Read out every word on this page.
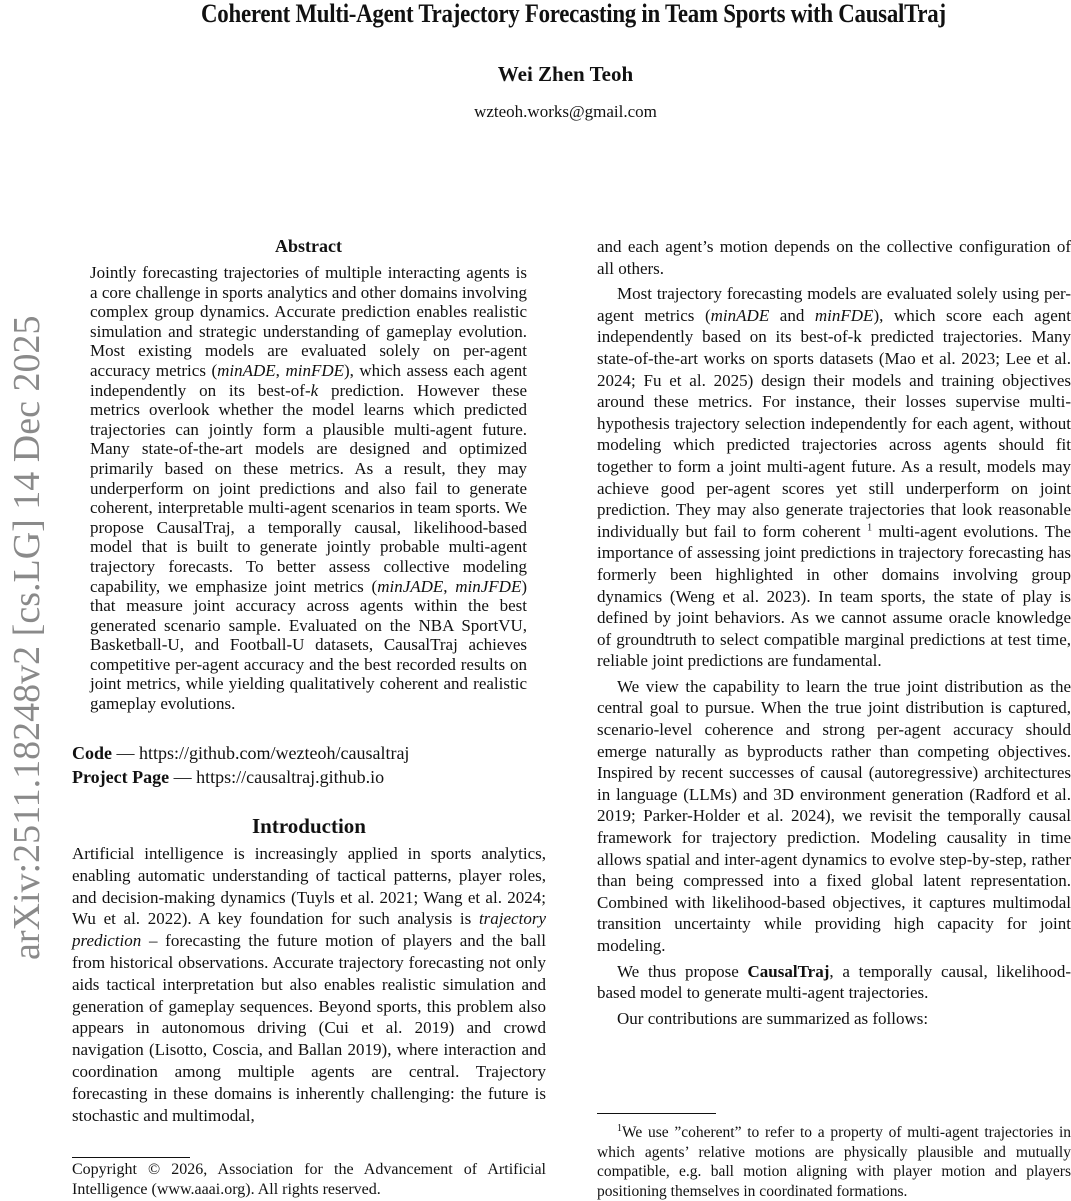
Coherent Multi-Agent Trajectory Forecasting in Team Sports with CausalTraj
Wei Zhen Teoh
wzteoh.works@gmail.com
arXiv:2511.18248v2 [cs.LG] 14 Dec 2025
Abstract

Jointly forecasting trajectories of multiple interacting agents is a core challenge in sports analytics and other domains involving complex group dynamics. Accurate prediction enables realistic simulation and strategic understanding of gameplay evolution. Most existing models are evaluated solely on per-agent accuracy metrics (minADE, minFDE), which assess each agent independently on its best-of-k prediction. However these metrics overlook whether the model learns which predicted trajectories can jointly form a plausible multi-agent future. Many state-of-the-art models are designed and optimized primarily based on these metrics. As a result, they may underperform on joint predictions and also fail to generate coherent, interpretable multi-agent scenarios in team sports. We propose CausalTraj, a temporally causal, likelihood-based model that is built to generate jointly probable multi-agent trajectory forecasts. To better assess collective modeling capability, we emphasize joint metrics (minJADE, minJFDE) that measure joint accuracy across agents within the best generated scenario sample. Evaluated on the NBA SportVU, Basketball-U, and Football-U datasets, CausalTraj achieves competitive per-agent accuracy and the best recorded results on joint metrics, while yielding qualitatively coherent and realistic gameplay evolutions.

Code — https://github.com/wezteoh/causaltraj
Project Page — https://causaltraj.github.io
Introduction

Artificial intelligence is increasingly applied in sports analytics, enabling automatic understanding of tactical patterns, player roles, and decision-making dynamics (Tuyls et al. 2021; Wang et al. 2024; Wu et al. 2022). A key foundation for such analysis is trajectory prediction – forecasting the future motion of players and the ball from historical observations. Accurate trajectory forecasting not only aids tactical interpretation but also enables realistic simulation and generation of gameplay sequences. Beyond sports, this problem also appears in autonomous driving (Cui et al. 2019) and crowd navigation (Lisotto, Coscia, and Ballan 2019), where interaction and coordination among multiple agents are central. Trajectory forecasting in these domains is inherently challenging: the future is stochastic and multimodal,

Copyright © 2026, Association for the Advancement of Artificial Intelligence (www.aaai.org). All rights reserved.

and each agent’s motion depends on the collective configuration of all others.

Most trajectory forecasting models are evaluated solely using per-agent metrics (minADE and minFDE), which score each agent independently based on its best-of-k predicted trajectories. Many state-of-the-art works on sports datasets (Mao et al. 2023; Lee et al. 2024; Fu et al. 2025) design their models and training objectives around these metrics. For instance, their losses supervise multi-hypothesis trajectory selection independently for each agent, without modeling which predicted trajectories across agents should fit together to form a joint multi-agent future. As a result, models may achieve good per-agent scores yet still underperform on joint prediction. They may also generate trajectories that look reasonable individually but fail to form coherent $^1$ multi-agent evolutions. The importance of assessing joint predictions in trajectory forecasting has formerly been highlighted in other domains involving group dynamics (Weng et al. 2023). In team sports, the state of play is defined by joint behaviors. As we cannot assume oracle knowledge of groundtruth to select compatible marginal predictions at test time, reliable joint predictions are fundamental.

We view the capability to learn the true joint distribution as the central goal to pursue. When the true joint distribution is captured, scenario-level coherence and strong per-agent accuracy should emerge naturally as byproducts rather than competing objectives. Inspired by recent successes of causal (autoregressive) architectures in language (LLMs) and 3D environment generation (Radford et al. 2019; Parker-Holder et al. 2024), we revisit the temporally causal framework for trajectory prediction. Modeling causality in time allows spatial and inter-agent dynamics to evolve step-by-step, rather than being compressed into a fixed global latent representation. Combined with likelihood-based objectives, it captures multimodal transition uncertainty while providing high capacity for joint modeling.

We thus propose CausalTraj, a temporally causal, likelihood-based model to generate multi-agent trajectories.

Our contributions are summarized as follows:

$^1$We use ”coherent” to refer to a property of multi-agent trajectories in which agents’ relative motions are physically plausible and mutually compatible, e.g. ball motion aligning with player motion and players positioning themselves in coordinated formations.
